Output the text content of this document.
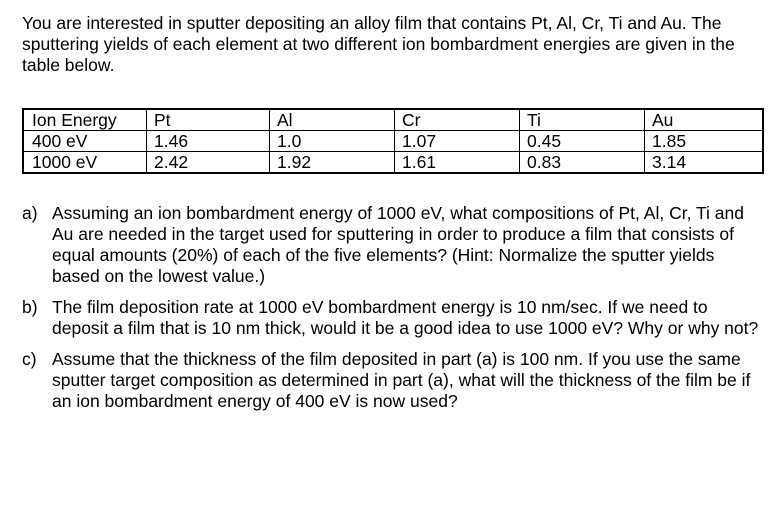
You are interested in sputter depositing an alloy film that contains Pt, Al, Cr, Ti and Au. The sputtering yields of each element at two different ion bombardment energies are given in the table below.

Ion Energy	Pt	Al	Cr	Ti	Au
400 eV	1.46	1.0	1.07	0.45	1.85
1000 eV	2.42	1.92	1.61	0.83	3.14
a) Assuming an ion bombardment energy of 1000 eV, what compositions of Pt, Al, Cr, Ti and Au are needed in the target used for sputtering in order to produce a film that consists of equal amounts (20%) of each of the five elements? (Hint: Normalize the sputter yields based on the lowest value.)
b) The film deposition rate at 1000 eV bombardment energy is 10 nm/sec. If we need to deposit a film that is 10 nm thick, would it be a good idea to use 1000 eV? Why or why not?
c) Assume that the thickness of the film deposited in part (a) is 100 nm. If you use the same sputter target composition as determined in part (a), what will the thickness of the film be if an ion bombardment energy of 400 eV is now used?
